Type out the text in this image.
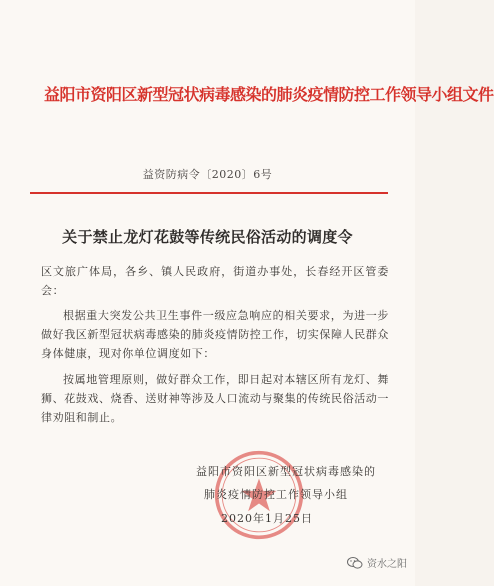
益阳市资阳区新型冠状病毒感染的肺炎疫情防控工作领导小组文件
益资防病令〔2020〕6号
关于禁止龙灯花鼓等传统民俗活动的调度令
区文旅广体局，各乡、镇人民政府，街道办事处，长春经开区管委会：
根据重大突发公共卫生事件一级应急响应的相关要求，为进一步做好我区新型冠状病毒感染的肺炎疫情防控工作，切实保障人民群众身体健康，现对你单位调度如下：
按属地管理原则，做好群众工作，即日起对本辖区所有龙灯、舞狮、花鼓戏、烧香、送财神等涉及人口流动与聚集的传统民俗活动一律劝阻和制止。
益阳市资阳区新型冠状病毒感染的
肺炎疫情防控工作领导小组
2020年1月25日
资水之阳
